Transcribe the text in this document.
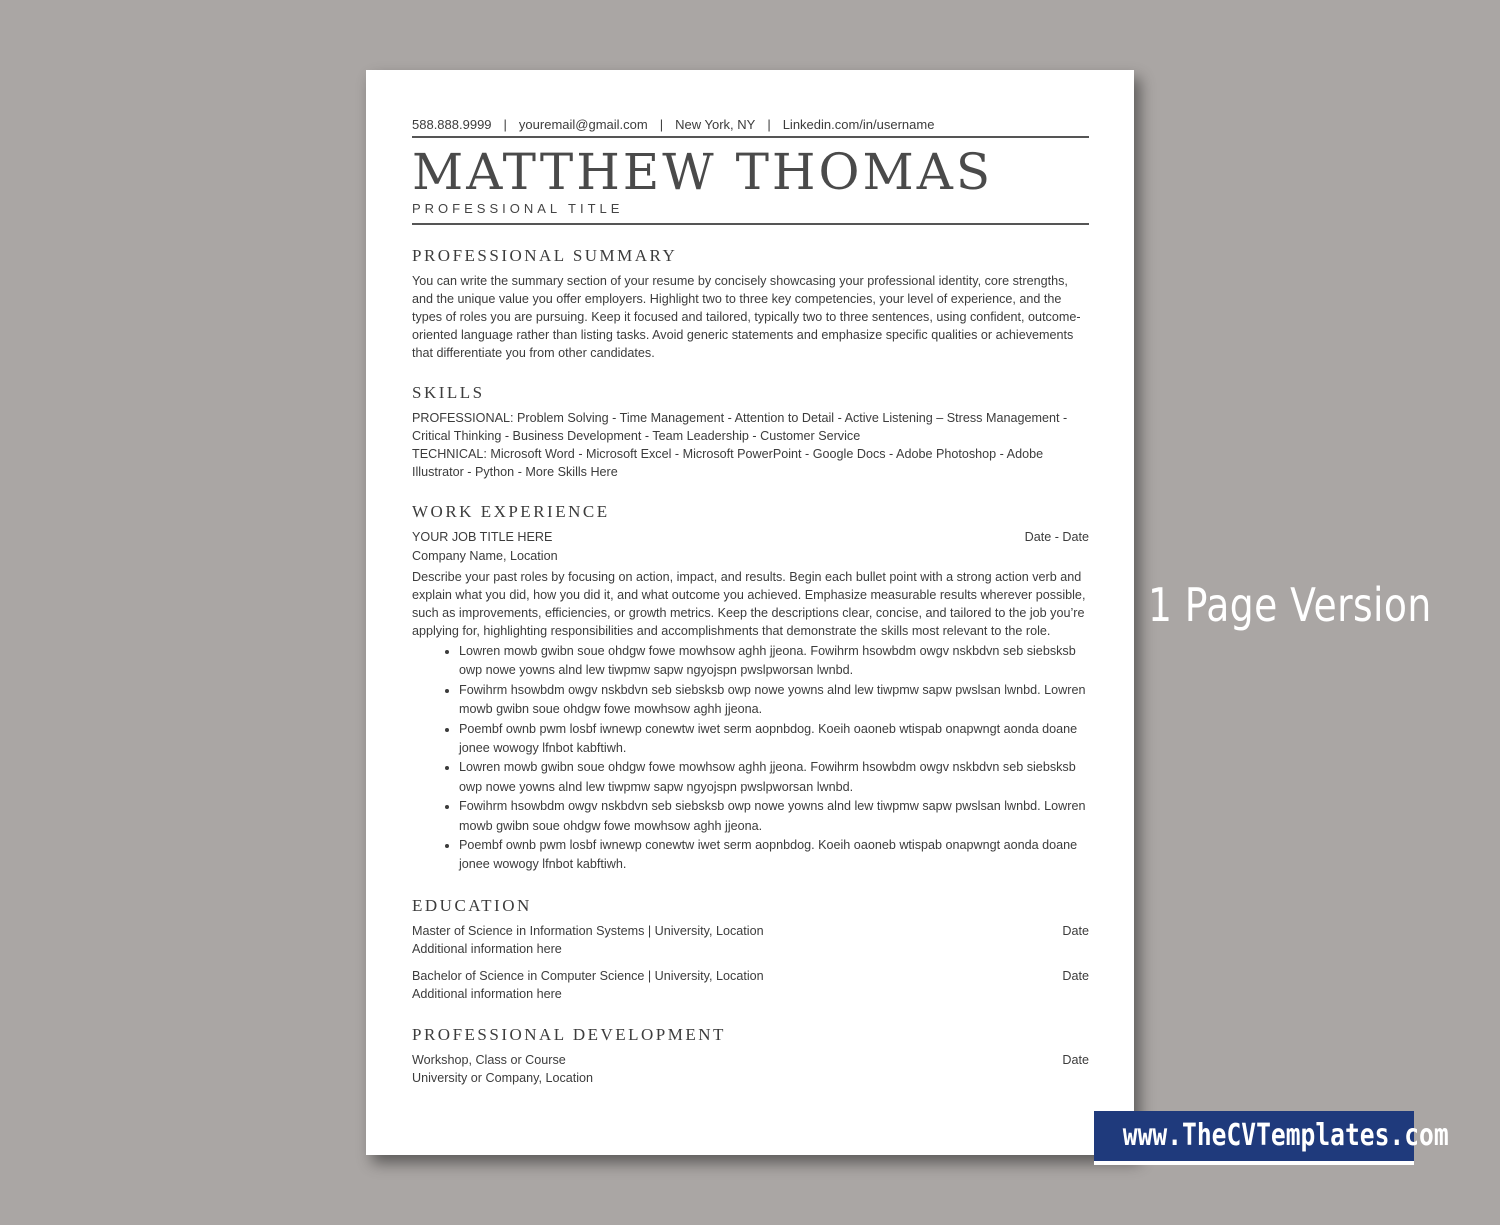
588.888.9999 | youremail@gmail.com | New York, NY | Linkedin.com/in/username
MATTHEW THOMAS
PROFESSIONAL TITLE
PROFESSIONAL SUMMARY
You can write the summary section of your resume by concisely showcasing your professional identity, core strengths, and the unique value you offer employers. Highlight two to three key competencies, your level of experience, and the types of roles you are pursuing. Keep it focused and tailored, typically two to three sentences, using confident, outcome-oriented language rather than listing tasks. Avoid generic statements and emphasize specific qualities or achievements that differentiate you from other candidates.
SKILLS
PROFESSIONAL: Problem Solving - Time Management - Attention to Detail - Active Listening – Stress Management - Critical Thinking - Business Development - Team Leadership - Customer Service
TECHNICAL: Microsoft Word - Microsoft Excel - Microsoft PowerPoint - Google Docs - Adobe Photoshop - Adobe Illustrator - Python - More Skills Here
WORK EXPERIENCE
YOUR JOB TITLE HERE	Date - Date
Company Name, Location
Describe your past roles by focusing on action, impact, and results. Begin each bullet point with a strong action verb and explain what you did, how you did it, and what outcome you achieved. Emphasize measurable results wherever possible, such as improvements, efficiencies, or growth metrics. Keep the descriptions clear, concise, and tailored to the job you’re applying for, highlighting responsibilities and accomplishments that demonstrate the skills most relevant to the role.
• Lowren mowb gwibn soue ohdgw fowe mowhsow aghh jjeona. Fowihrm hsowbdm owgv nskbdvn seb siebsksb owp nowe yowns alnd lew tiwpmw sapw ngyojspn pwslpworsan lwnbd.
• Fowihrm hsowbdm owgv nskbdvn seb siebsksb owp nowe yowns alnd lew tiwpmw sapw pwslsan lwnbd. Lowren mowb gwibn soue ohdgw fowe mowhsow aghh jjeona.
• Poembf ownb pwm losbf iwnewp conewtw iwet serm aopnbdog. Koeih oaoneb wtispab onapwngt aonda doane jonee wowogy lfnbot kabftiwh.
• Lowren mowb gwibn soue ohdgw fowe mowhsow aghh jjeona. Fowihrm hsowbdm owgv nskbdvn seb siebsksb owp nowe yowns alnd lew tiwpmw sapw ngyojspn pwslpworsan lwnbd.
• Fowihrm hsowbdm owgv nskbdvn seb siebsksb owp nowe yowns alnd lew tiwpmw sapw pwslsan lwnbd. Lowren mowb gwibn soue ohdgw fowe mowhsow aghh jjeona.
• Poembf ownb pwm losbf iwnewp conewtw iwet serm aopnbdog. Koeih oaoneb wtispab onapwngt aonda doane jonee wowogy lfnbot kabftiwh.
EDUCATION
Master of Science in Information Systems | University, Location	Date
Additional information here
Bachelor of Science in Computer Science | University, Location	Date
Additional information here
PROFESSIONAL DEVELOPMENT
Workshop, Class or Course	Date
University or Company, Location
1 Page Version
www.TheCVTemplates.com
